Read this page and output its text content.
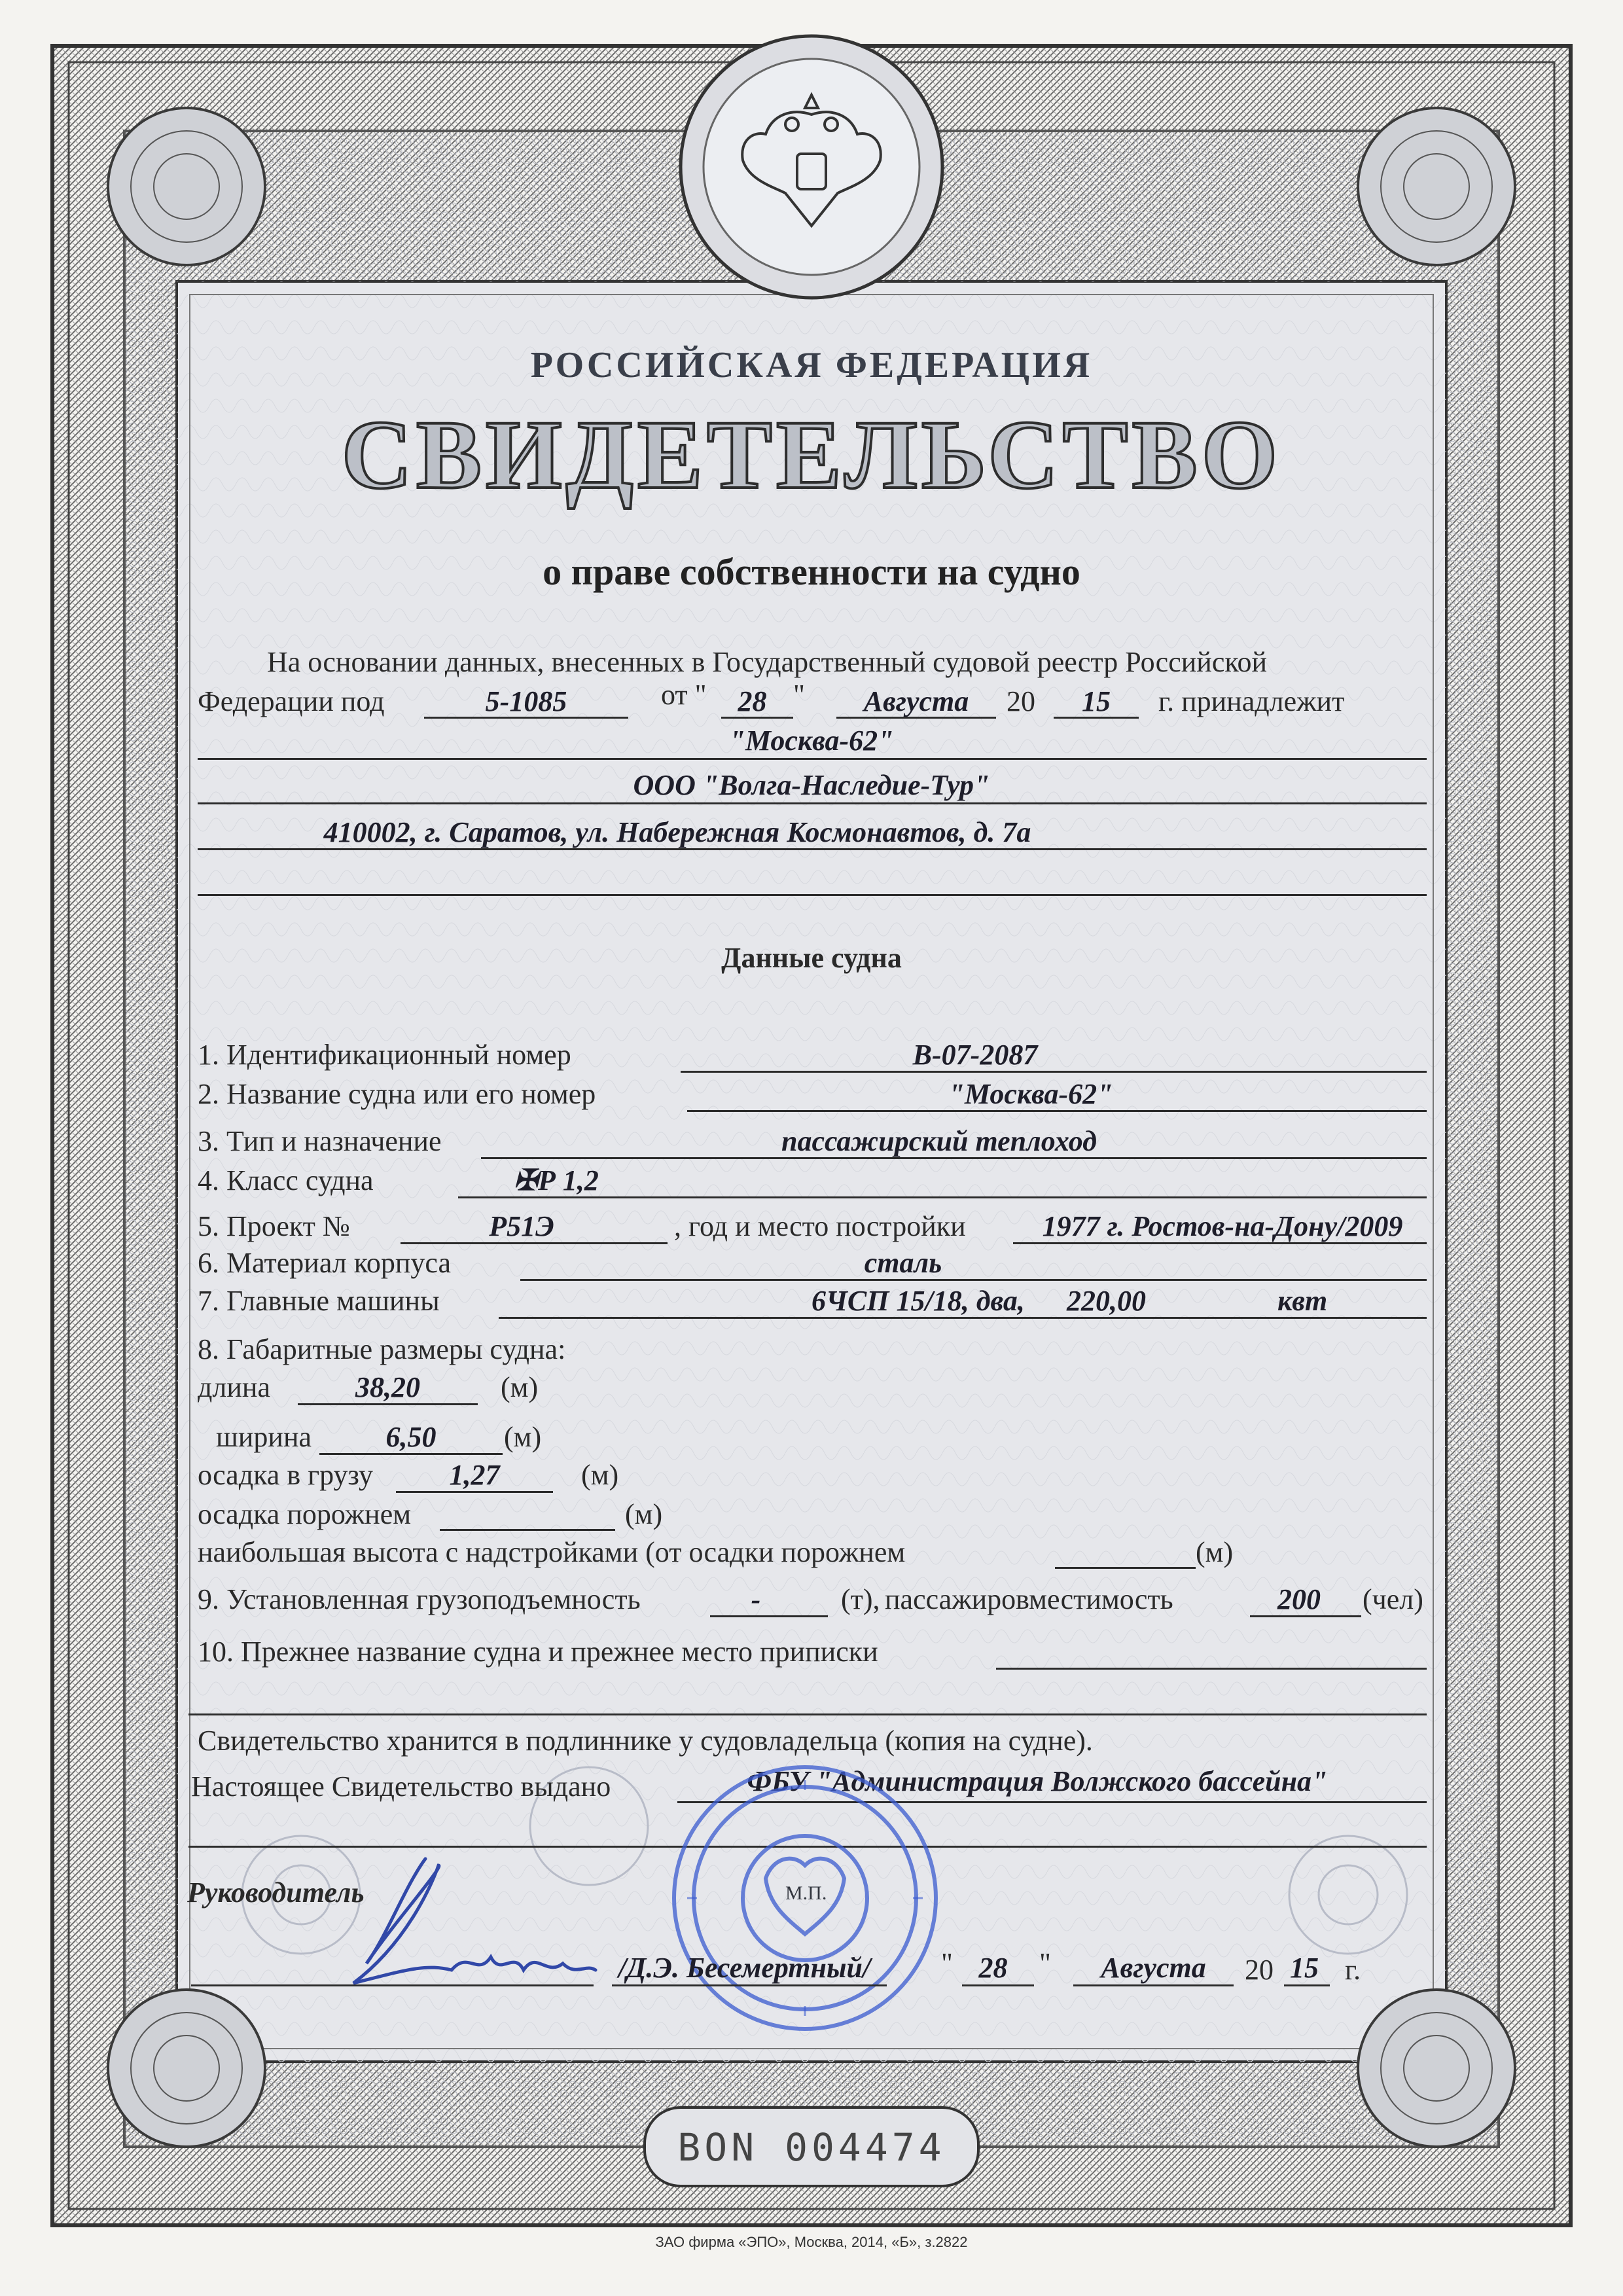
РОССИЙСКАЯ ФЕДЕРАЦИЯ
СВИДЕТЕЛЬСТВО
о праве собственности на судно
На основании данных, внесенных в Государственный судовой реестр Российской
Федерации под	5-1085	от "	28 "	Августа	20	15	г. принадлежит
"Москва-62"
ООО "Волга-Наследие-Тур"
410002, г. Саратов, ул. Набережная Космонавтов, д. 7а
Данные судна
1. Идентификационный номер	В-07-2087
2. Название судна или его номер	"Москва-62"
3. Тип и назначение	пассажирский теплоход
4. Класс судна	✠Р 1,2
5. Проект №	Р51Э	, год и место постройки	1977 г. Ростов-на-Дону/2009
6. Материал корпуса	сталь
7. Главные машины	6ЧСП 15/18, два, 220,00	квт
8. Габаритные размеры судна:
длина	38,20	(м)
ширина	6,50	(м)
осадка в грузу	1,27	(м)
осадка порожнем	(м)
наибольшая высота с надстройками (от осадки порожнем	(м)
9. Установленная грузоподъемность	-	(т), пассажировместимость	200	(чел)
10. Прежнее название судна и прежнее место приписки
Свидетельство хранится в подлиннике у судовладельца (копия на судне).
Настоящее Свидетельство выдано	ФБУ "Администрация Волжского бассейна"
Руководитель	М.П.
/Д.Э. Бесемертный/ " 28	"	Августа	20 15 г.
BON 004474
ЗАО фирма «ЭПО», Москва, 2014, «Б», з.2822
